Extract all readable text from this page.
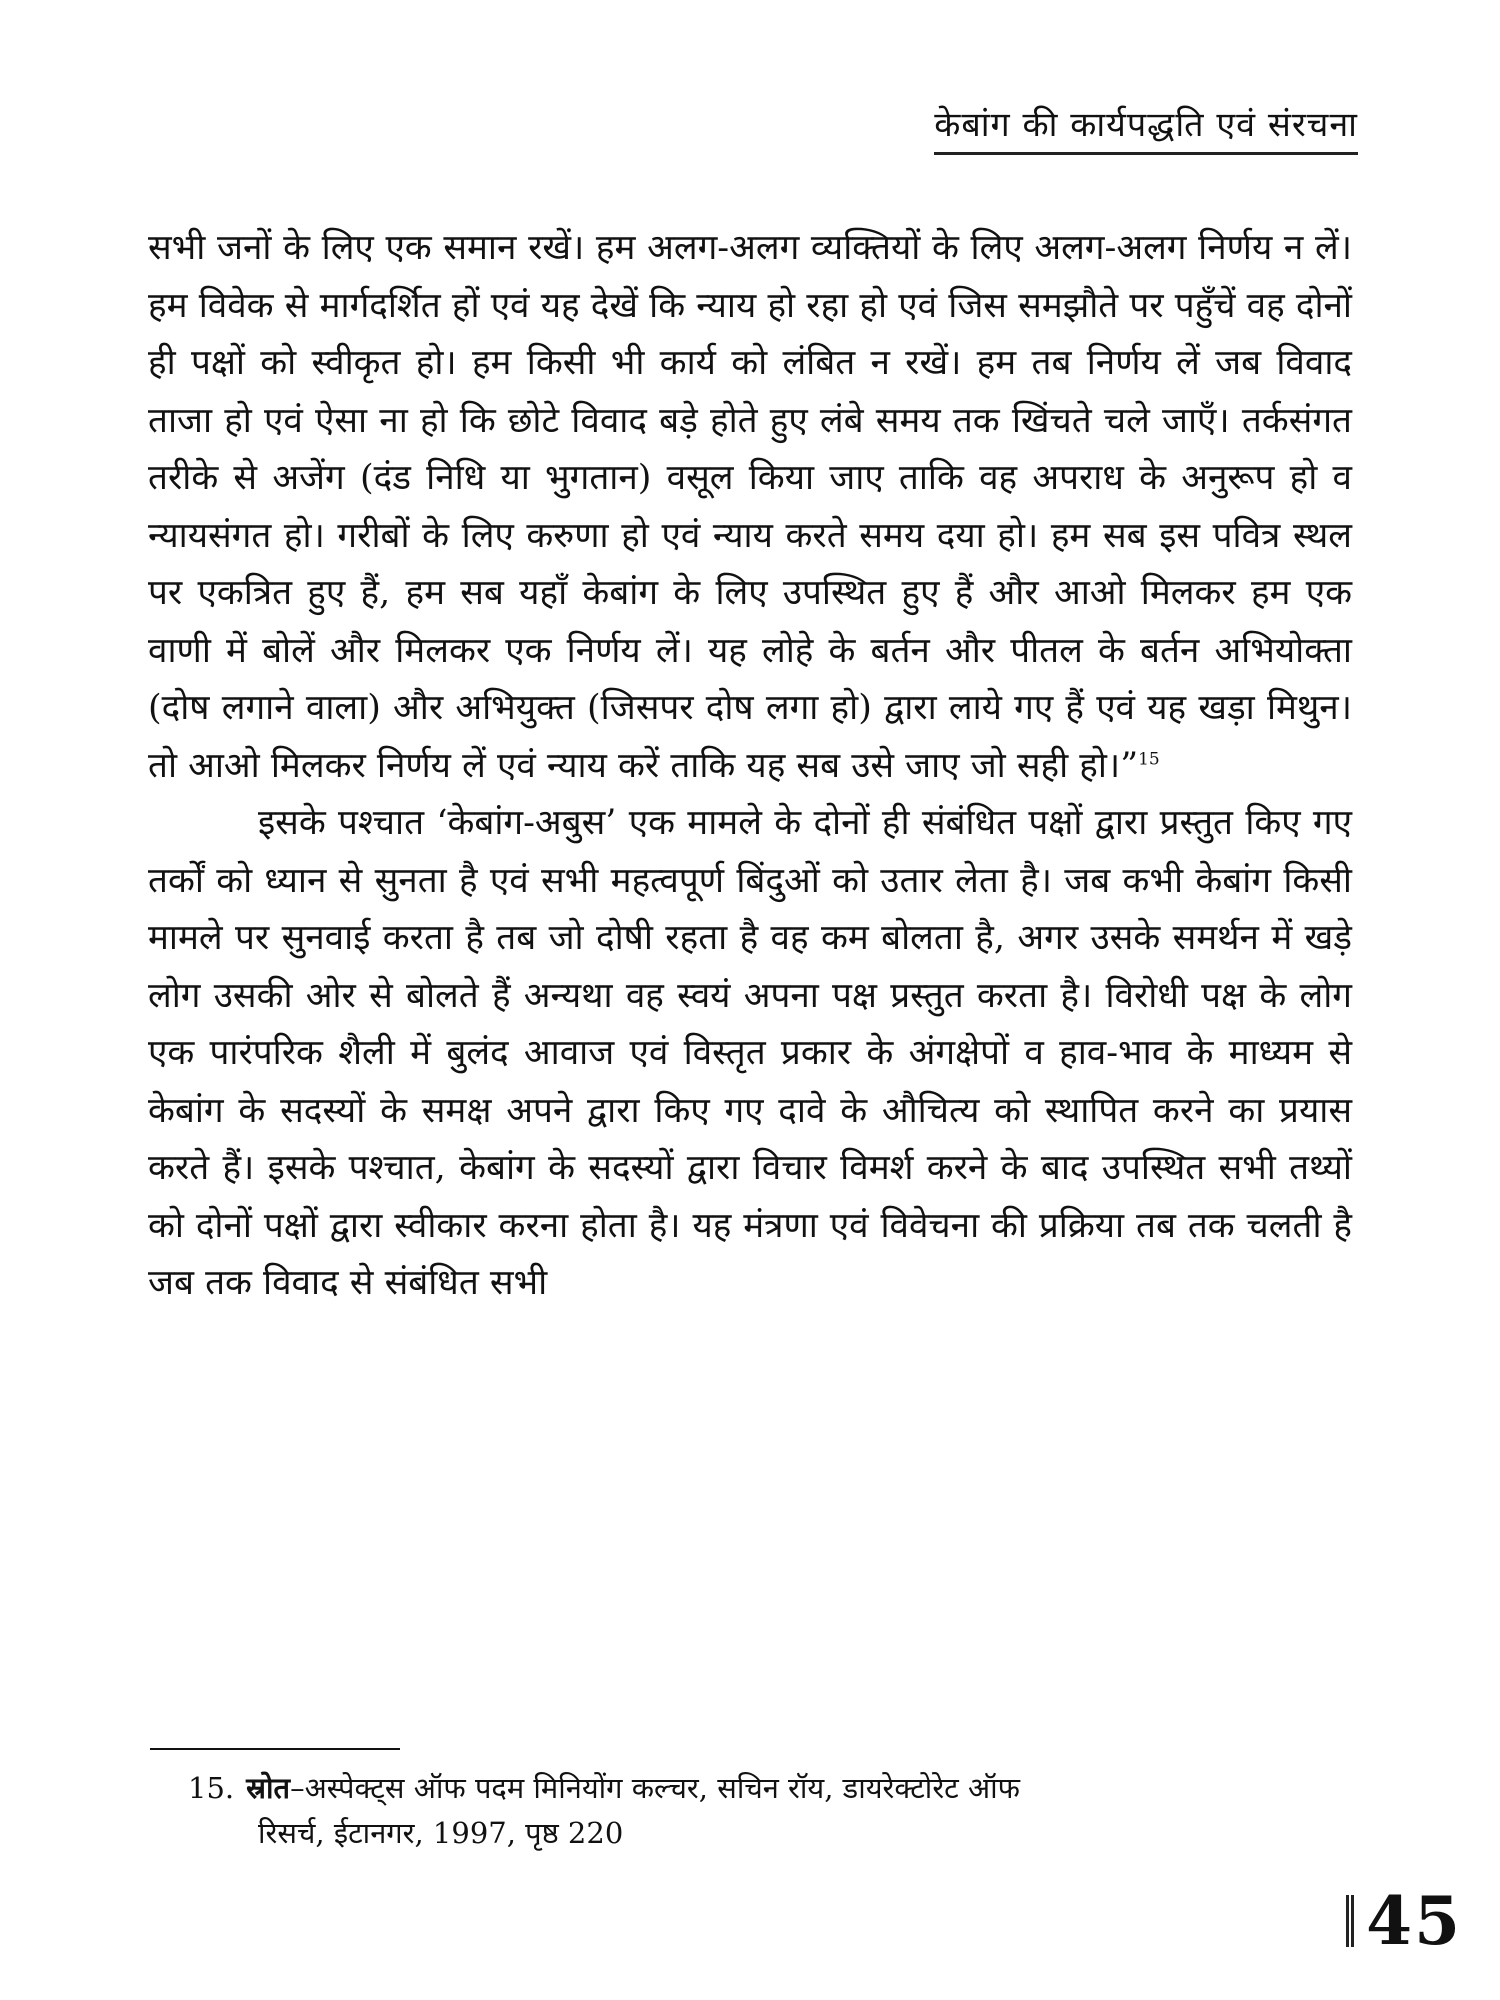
केबांग की कार्यपद्धति एवं संरचना

सभी जनों के लिए एक समान रखें। हम अलग-अलग व्यक्तियों के लिए अलग-अलग निर्णय न लें। हम विवेक से मार्गदर्शित हों एवं यह देखें कि न्याय हो रहा हो एवं जिस समझौते पर पहुँचें वह दोनों ही पक्षों को स्वीकृत हो। हम किसी भी कार्य को लंबित न रखें। हम तब निर्णय लें जब विवाद ताजा हो एवं ऐसा ना हो कि छोटे विवाद बड़े होते हुए लंबे समय तक खिंचते चले जाएँ। तर्कसंगत तरीके से अजेंग (दंड निधि या भुगतान) वसूल किया जाए ताकि वह अपराध के अनुरूप हो व न्यायसंगत हो। गरीबों के लिए करुणा हो एवं न्याय करते समय दया हो। हम सब इस पवित्र स्थल पर एकत्रित हुए हैं, हम सब यहाँ केबांग के लिए उपस्थित हुए हैं और आओ मिलकर हम एक वाणी में बोलें और मिलकर एक निर्णय लें। यह लोहे के बर्तन और पीतल के बर्तन अभियोक्ता (दोष लगाने वाला) और अभियुक्त (जिसपर दोष लगा हो) द्वारा लाये गए हैं एवं यह खड़ा मिथुन। तो आओ मिलकर निर्णय लें एवं न्याय करें ताकि यह सब उसे जाए जो सही हो।”$^{15}$

इसके पश्चात ‘केबांग-अबुस’ एक मामले के दोनों ही संबंधित पक्षों द्वारा प्रस्तुत किए गए तर्कों को ध्यान से सुनता है एवं सभी महत्वपूर्ण बिंदुओं को उतार लेता है। जब कभी केबांग किसी मामले पर सुनवाई करता है तब जो दोषी रहता है वह कम बोलता है, अगर उसके समर्थन में खड़े लोग उसकी ओर से बोलते हैं अन्यथा वह स्वयं अपना पक्ष प्रस्तुत करता है। विरोधी पक्ष के लोग एक पारंपरिक शैली में बुलंद आवाज एवं विस्तृत प्रकार के अंगक्षेपों व हाव-भाव के माध्यम से केबांग के सदस्यों के समक्ष अपने द्वारा किए गए दावे के औचित्य को स्थापित करने का प्रयास करते हैं। इसके पश्चात, केबांग के सदस्यों द्वारा विचार विमर्श करने के बाद उपस्थित सभी तथ्यों को दोनों पक्षों द्वारा स्वीकार करना होता है। यह मंत्रणा एवं विवेचना की प्रक्रिया तब तक चलती है जब तक विवाद से संबंधित सभी

15. स्रोत–अस्पेक्ट्स ऑफ पदम मिनियोंग कल्चर, सचिन रॉय, डायरेक्टोरेट ऑफ
रिसर्च, ईटानगर, 1997, पृष्ठ 220
45
